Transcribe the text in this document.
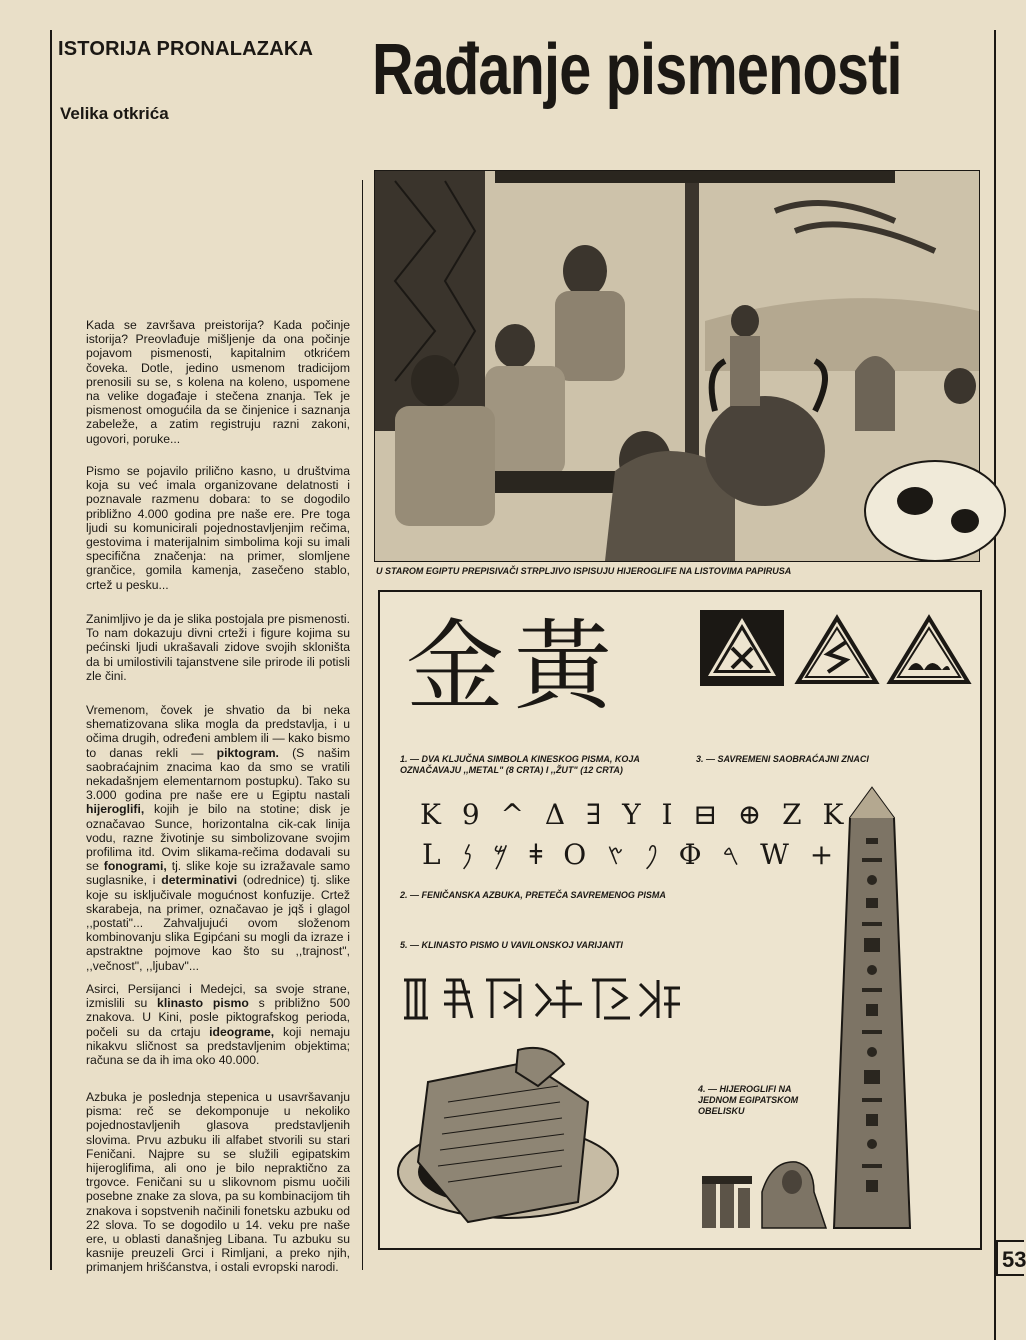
ISTORIJA PRONALAZAKA
Velika otkrića
Rađanje pismenosti
Kada se završava preistorija? Kada počinje istorija? Preovlađuje mišljenje da ona počinje pojavom pismenosti, kapitalnim otkrićem čoveka. Dotle, jedino usmenom tradicijom prenosili su se, s kolena na koleno, uspomene na velike događaje i stečena znanja. Tek je pismenost omogućila da se činjenice i saznanja zabeleže, a zatim registruju razni zakoni, ugovori, poruke...
Pismo se pojavilo prilično kasno, u društvima koja su već imala organizovane delatnosti i poznavale razmenu dobara: to se dogodilo približno 4.000 godina pre naše ere. Pre toga ljudi su komunicirali pojednostavljenjim rečima, gestovima i materijalnim simbolima koji su imali specifična značenja: na primer, slomljene grančice, gomila kamenja, zasečeno stablo, crtež u pesku...
Zanimljivo je da je slika postojala pre pismenosti. To nam dokazuju divni crteži i figure kojima su pećinski ljudi ukrašavali zidove svojih skloništa da bi umilostivili tajanstvene sile prirode ili potisli zle čini.
Vremenom, čovek je shvatio da bi neka shematizovana slika mogla da predstavlja, i u očima drugih, određeni amblem ili — kako bismo to danas rekli — piktogram. (S našim saobraćajnim znacima kao da smo se vratili nekadašnjem elementarnom postupku). Tako su 3.000 godina pre naše ere u Egiptu nastali hijeroglifi, kojih je bilo na stotine; disk je označavao Sunce, horizontalna cik-cak linija vodu, razne životinje su simbolizovane svojim profilima itd. Ovim slikama-rečima dodavali su se fonogrami, tj. slike koje su izražavale samo suglasnike, i determinativi (odrednice) tj. slike koje su isključivale mogućnost konfuzije. Crtež skarabeja, na primer, označavao je jqš i glagol ,,postati"... Zahvaljujući ovom složenom kombinovanju slika Egipćani su mogli da izraze i apstraktne pojmove kao što su ,,trajnost", ,,večnost", ,,ljubav"...
Asirci, Persijanci i Medejci, sa svoje strane, izmislili su klinasto pismo s približno 500 znakova. U Kini, posle piktografskog perioda, počeli su da crtaju ideograme, koji nemaju nikakvu sličnost sa predstavljenim objektima; računa se da ih ima oko 40.000.
Azbuka je poslednja stepenica u usavršavanju pisma: reč se dekomponuje u nekoliko pojednostavljenih glasova predstavljenih slovima. Prvu azbuku ili alfabet stvorili su stari Feničani. Najpre su se služili egipatskim hijeroglifima, ali ono je bilo nepraktično za trgovce. Feničani su u slikovnom pismu uočili posebne znake za slova, pa su kombinacijom tih znakova i sopstvenih načinili fonetsku azbuku od 22 slova. To se dogodilo u 14. veku pre naše ere, u oblasti današnjeg Libana. Tu azbuku su kasnije preuzeli Grci i Rimljani, a preko njih, primanjem hrišćanstva, i ostali evropski narodi.
U STAROM EGIPTU PREPISIVAČI STRPLJIVO ISPISUJU HIJEROGLIFE NA LISTOVIMA PAPIRUSA
金黃
1. — DVA KLJUČNA SIMBOLA KINESKOG PISMA, KOJA OZNAČAVAJU ,,METAL" (8 CRTA) I ,,ŽUT" (12 CRTA)
3. — SAVREMENI SAOBRAĆAJNI ZNACI
K 9 ^ Δ ∃ Y I ⊟ ⊕ Z K
L 𐤌 𐤍 ǂ O 𐤐 𐤑 Φ 𐤓 W +
2. — FENIČANSKA AZBUKA, PRETEČA SAVREMENOG PISMA
5. — KLINASTO PISMO U VAVILONSKOJ VARIJANTI
4. — HIJEROGLIFI NA JEDNOM EGIPATSKOM OBELISKU
53
